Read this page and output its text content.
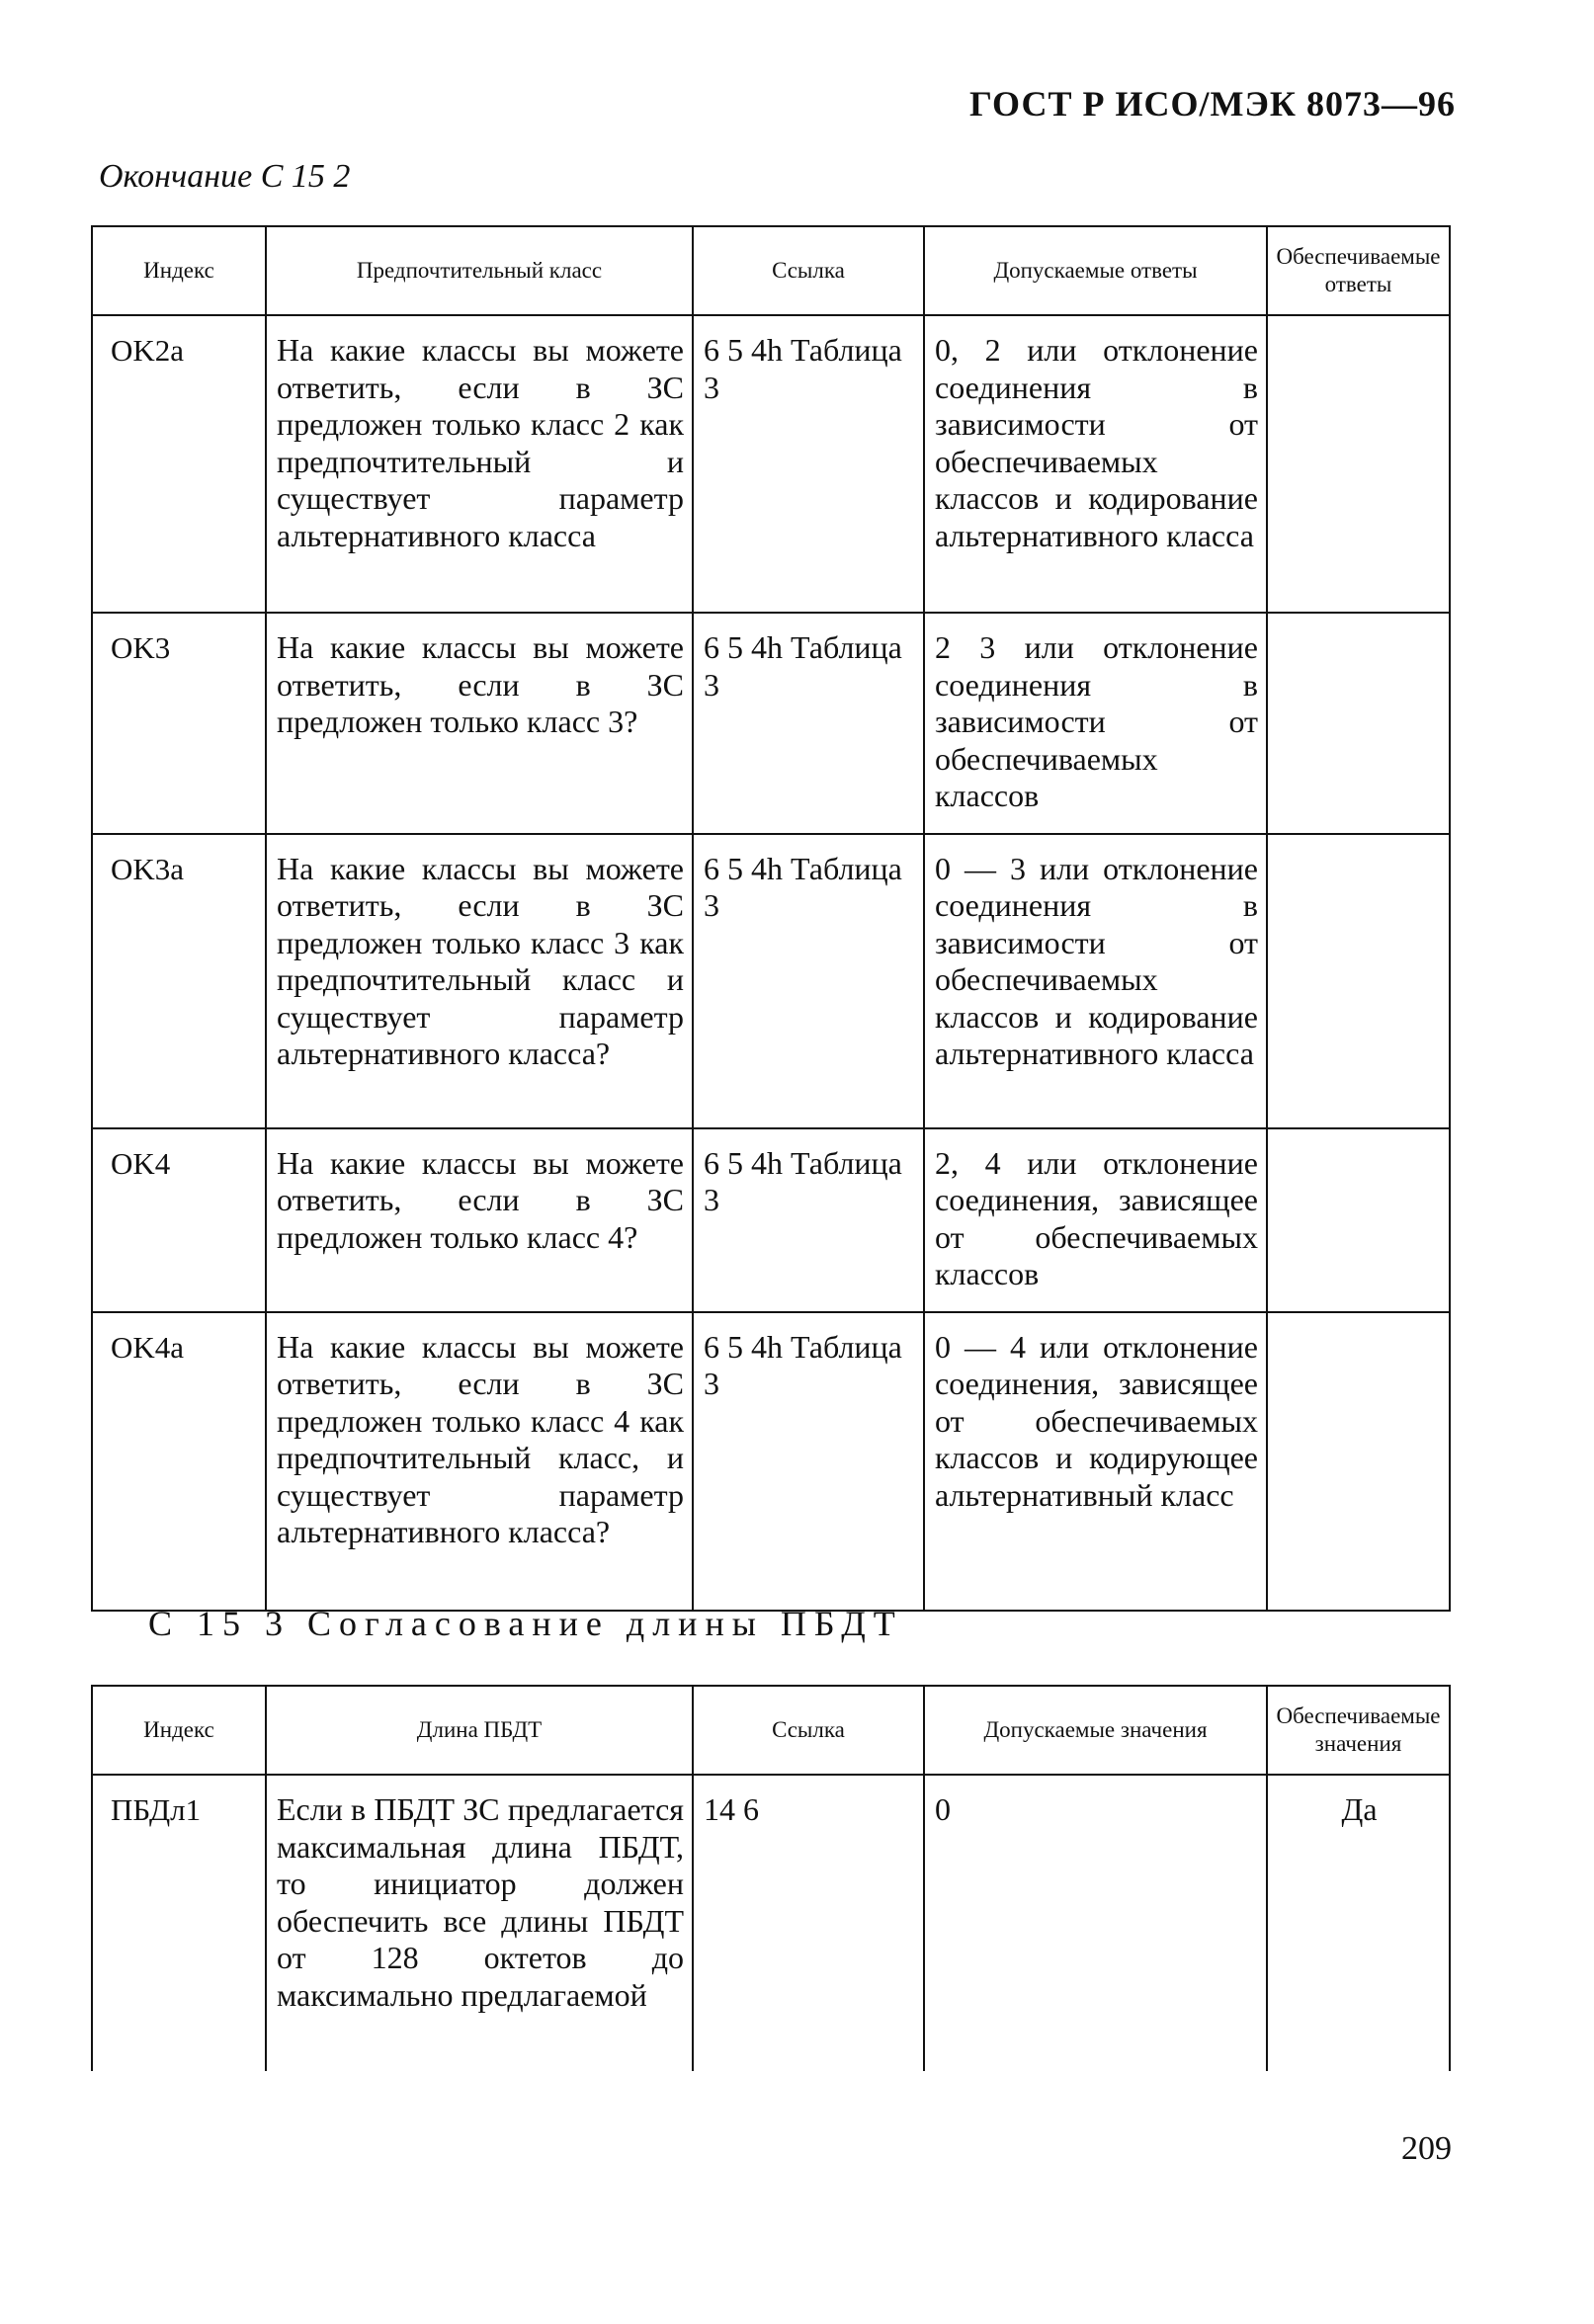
ГОСТ Р ИСО/МЭК 8073—96
Окончание С 15 2
Индекс	Предпочтительный класс	Ссылка	Допускаемые ответы	Обеспечиваемые ответы
OK2a	На какие классы вы можете ответить, если в ЗС предложен только класс 2 как предпочтительный и существует параметр альтернативного класса	6 5 4h Таблица 3	0, 2 или отклонение соединения в зависимости от обеспечиваемых классов и кодирование альтернативного класса	
OK3	На какие классы вы можете ответить, если в ЗС предложен только класс 3?	6 5 4h Таблица 3	2 3 или отклонение соединения в зависимости от обеспечиваемых классов	
OK3a	На какие классы вы можете ответить, если в ЗС предложен только класс 3 как предпочтительный класс и существует параметр альтернативного класса?	6 5 4h Таблица 3	0 — 3 или отклонение соединения в зависимости от обеспечиваемых классов и кодирование альтернативного класса	
OK4	На какие классы вы можете ответить, если в ЗС предложен только класс 4?	6 5 4h Таблица 3	2, 4 или отклонение соединения, зависящее от обеспечиваемых классов	
OK4a	На какие классы вы можете ответить, если в ЗС предложен только класс 4 как предпочтительный класс, и существует параметр альтернативного класса?	6 5 4h Таблица 3	0 — 4 или отклонение соединения, зависящее от обеспечиваемых классов и кодирующее альтернативный класс	
С 15 3 Согласование длины ПБДТ
Индекс	Длина ПБДТ	Ссылка	Допускаемые значения	Обеспечиваемые значения
ПБДл1	Если в ПБДТ ЗС предлагается максимальная длина ПБДТ, то инициатор должен обеспечить все длины ПБДТ от 128 октетов до максимально предлагаемой	14 6	0	Да
209
